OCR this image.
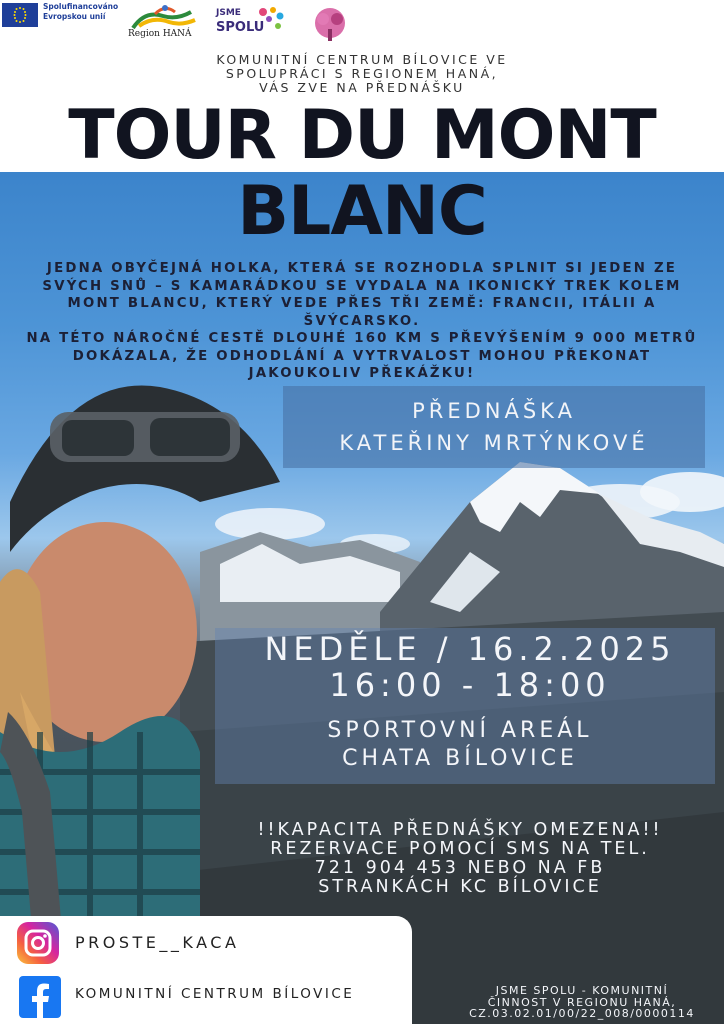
Spolufinancováno
Evropskou unií
Region HANÁ
JSME
SPOLU
KOMUNITNÍ CENTRUM BÍLOVICE VE
SPOLUPRÁCI S REGIONEM HANÁ,
VÁS ZVE NA PŘEDNÁŠKU
TOUR DU MONT
BLANC
JEDNA OBYČEJNÁ HOLKA, KTERÁ SE ROZHODLA SPLNIT SI JEDEN ZE
SVÝCH SNŮ – S KAMARÁDKOU SE VYDALA NA IKONICKÝ TREK KOLEM
MONT BLANCU, KTERÝ VEDE PŘES TŘI ZEMĚ: FRANCII, ITÁLII A
ŠVÝCARSKO.
NA TÉTO NÁROČNÉ CESTĚ DLOUHÉ 160 KM S PŘEVÝŠENÍM 9 000 METRŮ
DOKÁZALA, ŽE ODHODLÁNÍ A VYTRVALOST MOHOU PŘEKONAT
JAKOUKOLIV PŘEKÁŽKU!
PŘEDNÁŠKA
KATEŘINY MRTÝNKOVÉ
NEDĚLE / 16.2.2025
16:00 - 18:00
SPORTOVNÍ AREÁL
CHATA BÍLOVICE
!!KAPACITA PŘEDNÁŠKY OMEZENA!!
REZERVACE POMOCÍ SMS NA TEL.
721 904 453 NEBO NA FB
STRANKÁCH KC BÍLOVICE
PROSTE__KACA
KOMUNITNÍ CENTRUM BÍLOVICE	JSME SPOLU - KOMUNITNÍ
ČINNOST V REGIONU HANÁ,
CZ.03.02.01/00/22_008/0000114
